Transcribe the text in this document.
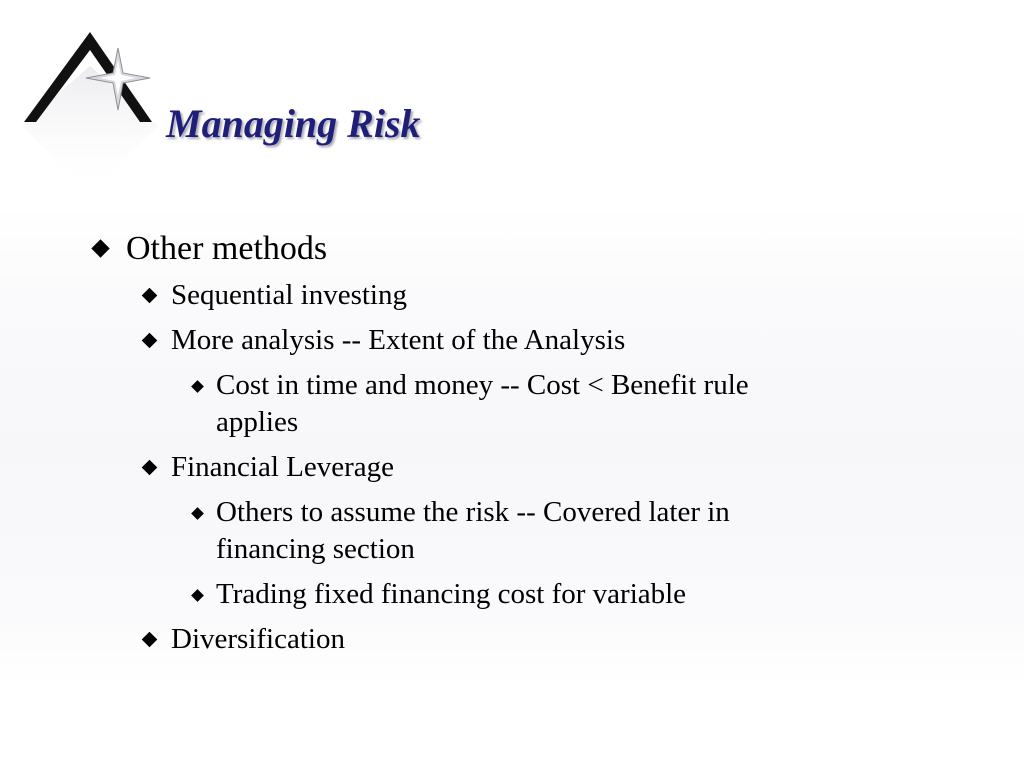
Managing Risk
Other methods
Sequential investing
More analysis -- Extent of the Analysis
Cost in time and money -- Cost < Benefit rule
applies
Financial Leverage
Others to assume the risk -- Covered later in
financing section
Trading fixed financing cost for variable
Diversification
